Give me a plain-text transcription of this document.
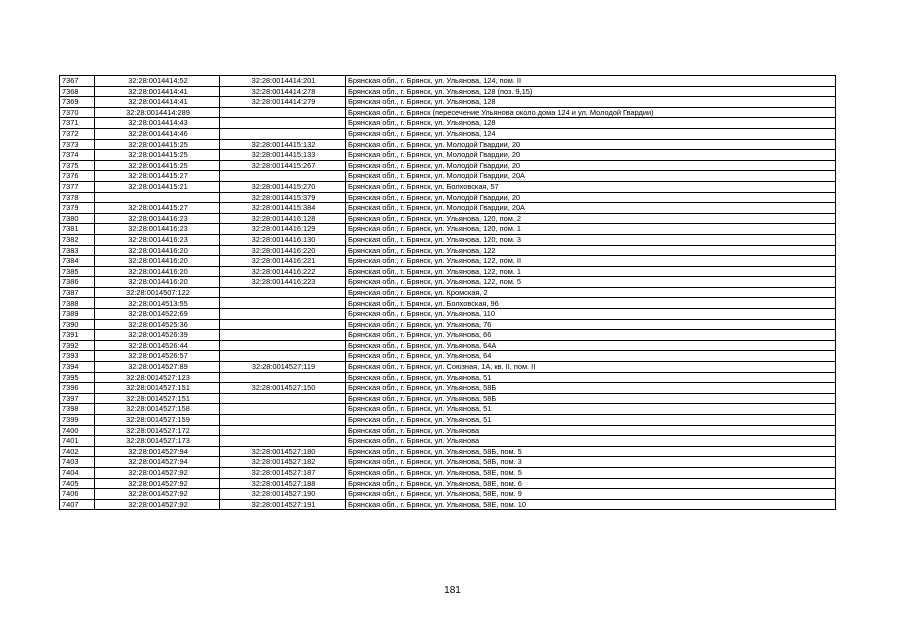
7367	32:28:0014414:52	32:28:0014414:201	Брянская обл., г. Брянск, ул. Ульянова, 124, пом. II
7368	32:28:0014414:41	32:28:0014414:278	Брянская обл., г. Брянск, ул. Ульянова, 128 (поз. 9,15)
7369	32:28:0014414:41	32:28:0014414:279	Брянская обл., г. Брянск, ул. Ульянова, 128
7370	32:28:0014414:289		Брянская обл., г. Брянск (пересечение Ульянова около дома 124 и ул. Молодой Гвардии)
7371	32:28:0014414:43		Брянская обл., г. Брянск, ул. Ульянова, 128
7372	32:28:0014414:46		Брянская обл., г. Брянск, ул. Ульянова, 124
7373	32:28:0014415:25	32:28:0014415:132	Брянская обл., г. Брянск, ул. Молодой Гвардии, 20
7374	32:28:0014415:25	32:28:0014415:133	Брянская обл., г. Брянск, ул. Молодой Гвардии, 20
7375	32:28:0014415:25	32:28:0014415:267	Брянская обл., г. Брянск, ул. Молодой Гвардии, 20
7376	32:28:0014415:27		Брянская обл., г. Брянск, ул. Молодой Гвардии, 20А
7377	32:28:0014415:21	32:28:0014415:270	Брянская обл., г. Брянск, ул. Болховская, 57
7378		32:28:0014415:379	Брянская обл., г. Брянск, ул. Молодой Гвардии, 20
7379	32:28:0014415:27	32:28:0014415:384	Брянская обл., г. Брянск, ул. Молодой Гвардии, 20А
7380	32:28:0014416:23	32:28:0014416:128	Брянская обл., г. Брянск, ул. Ульянова, 120, пом. 2
7381	32:28:0014416:23	32:28:0014416:129	Брянская обл., г. Брянск, ул. Ульянова, 120, пом. 1
7382	32:28:0014416:23	32:28:0014416:130	Брянская обл., г. Брянск, ул. Ульянова, 120, пом. 3
7383	32:28:0014416:20	32:28:0014416:220	Брянская обл., г. Брянск, ул. Ульянова, 122
7384	32:28:0014416:20	32:28:0014416:221	Брянская обл., г. Брянск, ул. Ульянова, 122, пом. II
7385	32:28:0014416:20	32:28:0014416:222	Брянская обл., г. Брянск, ул. Ульянова, 122, пом. 1
7386	32:28:0014416:20	32:28:0014416:223	Брянская обл., г. Брянск, ул. Ульянова, 122, пом. 5
7387	32:28:0014507:122		Брянская обл., г. Брянск, ул. Кромская, 2
7388	32:28:0014513:55		Брянская обл., г. Брянск, ул. Болховская, 96
7389	32:28:0014522:69		Брянская обл., г. Брянск, ул. Ульянова, 110
7390	32:28:0014525:36		Брянская обл., г. Брянск, ул. Ульянова, 76
7391	32:28:0014526:39		Брянская обл., г. Брянск, ул. Ульянова, 66
7392	32:28:0014526:44		Брянская обл., г. Брянск, ул. Ульянова, 64А
7393	32:28:0014526:57		Брянская обл., г. Брянск, ул. Ульянова, 64
7394	32:28:0014527:89	32:28:0014527:119	Брянская обл., г. Брянск, ул. Союзная, 1А, кв. II, пом. II
7395	32:28:0014527:123		Брянская обл., г. Брянск, ул. Ульянова, 51
7396	32:28:0014527:151	32:28:0014527:150	Брянская обл., г. Брянск, ул. Ульянова, 58Б
7397	32:28:0014527:151		Брянская обл., г. Брянск, ул. Ульянова, 58Б
7398	32:28:0014527:158		Брянская обл., г. Брянск, ул. Ульянова, 51
7399	32:28:0014527:159		Брянская обл., г. Брянск, ул. Ульянова, 51
7400	32:28:0014527:172		Брянская обл., г. Брянск, ул. Ульянова
7401	32:28:0014527:173		Брянская обл., г. Брянск, ул. Ульянова
7402	32:28:0014527:94	32:28:0014527:180	Брянская обл., г. Брянск, ул. Ульянова, 58Б, пом. 5
7403	32:28:0014527:94	32:28:0014527:182	Брянская обл., г. Брянск, ул. Ульянова, 58Б, пом. 3
7404	32:28:0014527:92	32:28:0014527:187	Брянская обл., г. Брянск, ул. Ульянова, 58Е, пом. 5
7405	32:28:0014527:92	32:28:0014527:188	Брянская обл., г. Брянск, ул. Ульянова, 58Е, пом. 6
7406	32:28:0014527:92	32:28:0014527:190	Брянская обл., г. Брянск, ул. Ульянова, 58Е, пом. 9
7407	32:28:0014527:92	32:28:0014527:191	Брянская обл., г. Брянск, ул. Ульянова, 58Е, пом. 10
181
